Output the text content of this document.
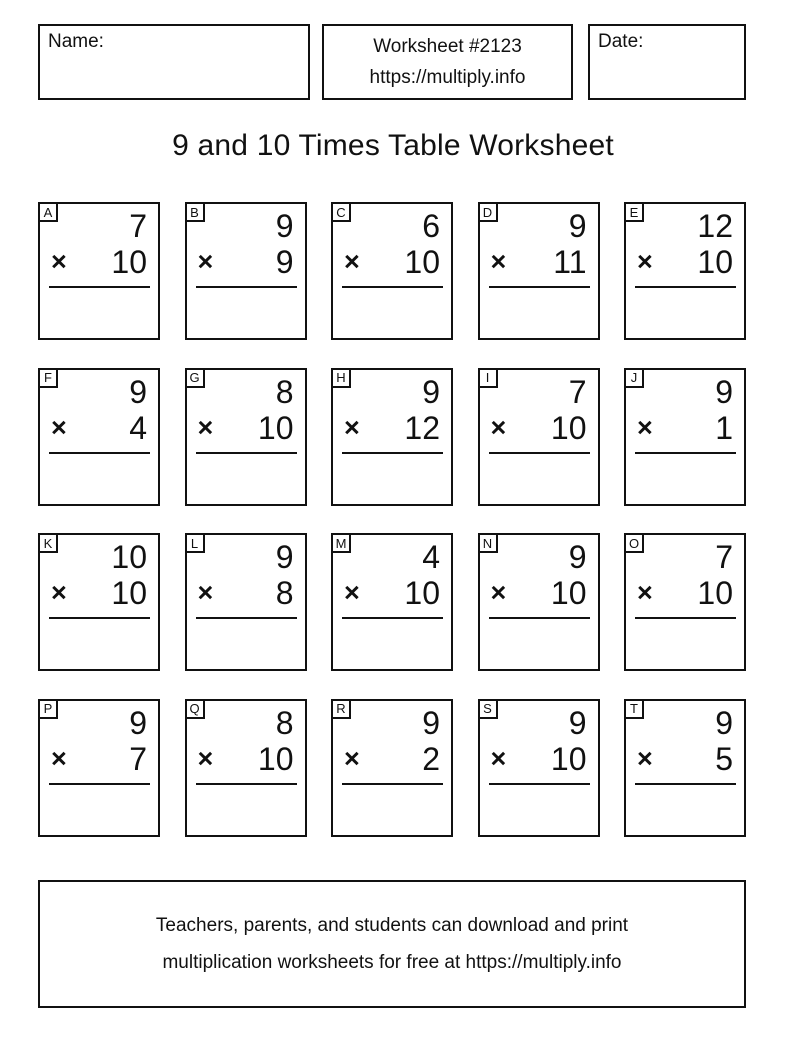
Name:	Worksheet #2123
https://multiply.info
Date:
9 and 10 Times Table Worksheet
A	7
× 10
B	9
× 9
C	6
× 10
D	9
× 11
E	12
× 10
F	9
× 4
G	8
× 10
H	9
× 12
I	7
× 10
J	9
× 1
K	10
× 10
L	9
× 8
M	4
× 10
N	9
× 10
O	7
× 10
P	9
× 7
Q	8
× 10
R	9
× 2
S	9
× 10
T	9
× 5
Teachers, parents, and students can download and print
multiplication worksheets for free at https://multiply.info
